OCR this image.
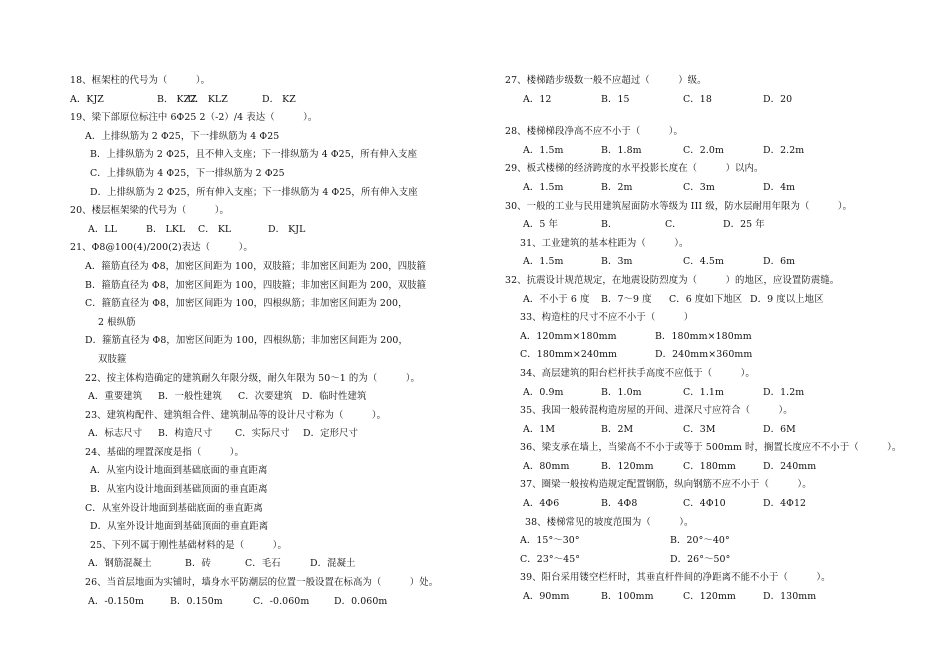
18、框架柱的代号为（　　　）。
A．KJZ	B． KZZ
C． KLZ	D． KZ
19、梁下部原位标注中 6Φ25 2（-2）/4 表达（　　　）。
A．上排纵筋为 2 Φ25，下一排纵筋为 4 Φ25
B．上排纵筋为 2 Φ25，且不伸入支座；下一排纵筋为 4 Φ25，所有伸入支座
C．上排纵筋为 4 Φ25，下一排纵筋为 2 Φ25
D．上排纵筋为 2 Φ25，所有伸入支座；下一排纵筋为 4 Φ25，所有伸入支座
20、楼层框架梁的代号为（　　　）。
A．LL	B． LKL C． KL	D． KJL
21、Φ8@100(4)/200(2)表达（　　　）。
A．箍筋直径为 Φ8，加密区间距为 100，双肢箍；非加密区间距为 200，四肢箍
B．箍筋直径为 Φ8，加密区间距为 100，四肢箍；非加密区间距为 200，双肢箍
C．箍筋直径为 Φ8，加密区间距为 100，四根纵筋；非加密区间距为 200，
2 根纵筋
D．箍筋直径为 Φ8，加密区间距为 100，四根纵筋；非加密区间距为 200，
双肢箍
22、按主体构造确定的建筑耐久年限分级，耐久年限为 50～1 的为（　　　）。
A．重要建筑 B．一般性建筑 C．次要建筑 D．临时性建筑
23、建筑构配件、建筑组合件、建筑制品等的设计尺寸称为（　　　）。
A．标志尺寸 B．构造尺寸 C．实际尺寸 D．定形尺寸
24、基础的埋置深度是指（　　　）。
A．从室内设计地面到基础底面的垂直距离
B．从室内设计地面到基础顶面的垂直距离
C．从室外设计地面到基础底面的垂直距离
D．从室外设计地面到基础顶面的垂直距离
25、下列不属于刚性基础材料的是（　　　）。
A．钢筋混凝土	B．砖	C．毛石	D．混凝土
26、当首层地面为实铺时，墙身水平防潮层的位置一般设置在标高为（　　　）处。
A．-0.150m	B．0.150m	C．-0.060m	D．0.060m
27、楼梯踏步级数一般不应超过（　　　）级。
A．12	B．15	C．18	D．20
28、楼梯梯段净高不应不小于（　　　）。
A．1.5m	B．1.8m	C．2.0m	D．2.2m
29、板式楼梯的经济跨度的水平投影长度在（　　　）以内。
A．1.5m	B．2m	C．3m	D．4m
30、一般的工业与民用建筑屋面防水等级为 III 级，防水层耐用年限为（　　　）。
A．5 年	B．	C．	D．25 年
31、工业建筑的基本柱距为（　　　）。
A．1.5m	B．3m	C．4.5m	D．6m
32、抗震设计规范规定，在地震设防烈度为（　　　）的地区，应设置防震缝。
A．不小于 6 度 B．7～9 度 C．6 度如下地区 D．9 度以上地区
33、构造柱的尺寸不应不小于（　　　）
A．120mm×180mm	B．180mm×180mm
C．180mm×240mm	D．240mm×360mm
34、高层建筑的阳台栏杆扶手高度不应低于（　　　）。
A．0.9m	B．1.0m	C．1.1m	D．1.2m
35、我国一般砖混构造房屋的开间、进深尺寸应符合（　　　）。
A．1M	B．2M	C．3M	D．6M
36、梁支承在墙上，当梁高不不小于或等于 500mm 时，搁置长度应不不小于（　　　）。
A．80mm	B．120mm	C．180mm	D．240mm
37、圈梁一般按构造规定配置钢筋，纵向钢筋不应不小于（　　　）。
A．4Φ6	B．4Φ8	C．4Φ10	D．4Φ12
38、楼梯常见的坡度范围为（　　　）。
A．15°～30°	B．20°～40°
C．23°～45°	D．26°～50°
39、阳台采用镂空栏杆时，其垂直杆件间的净距离不能不小于（　　　）。
A．90mm	B．100mm	C．120mm	D．130mm
